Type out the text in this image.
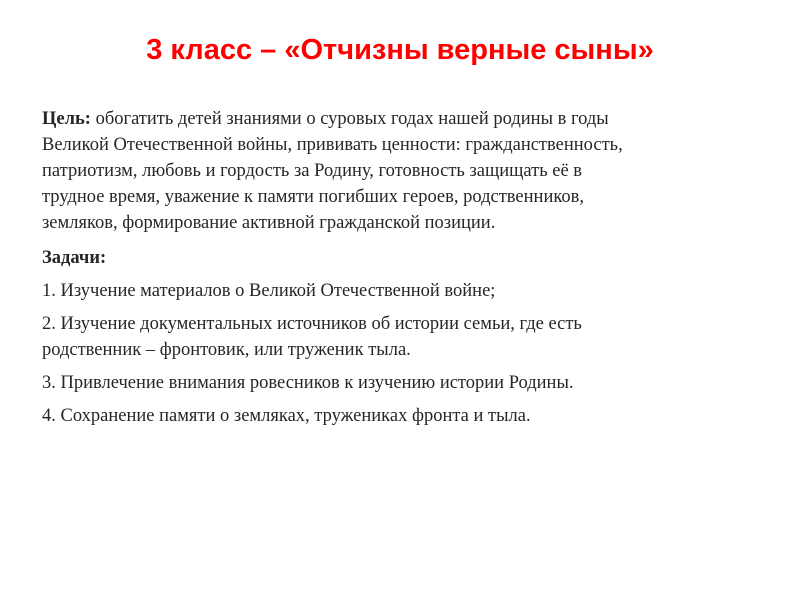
3 класс – «Отчизны верные сыны»

Цель: обогатить детей знаниями о суровых годах нашей родины в годы
Великой Отечественной войны, прививать ценности: гражданственность,
патриотизм, любовь и гордость за Родину, готовность защищать её в
трудное время, уважение к памяти погибших героев, родственников,
земляков, формирование активной гражданской позиции.

Задачи:

1. Изучение материалов о Великой Отечественной войне;

2. Изучение документальных источников об истории семьи, где есть
родственник – фронтовик, или труженик тыла.

3. Привлечение внимания ровесников к изучению истории Родины.

4. Сохранение памяти о земляках, тружениках фронта и тыла.
